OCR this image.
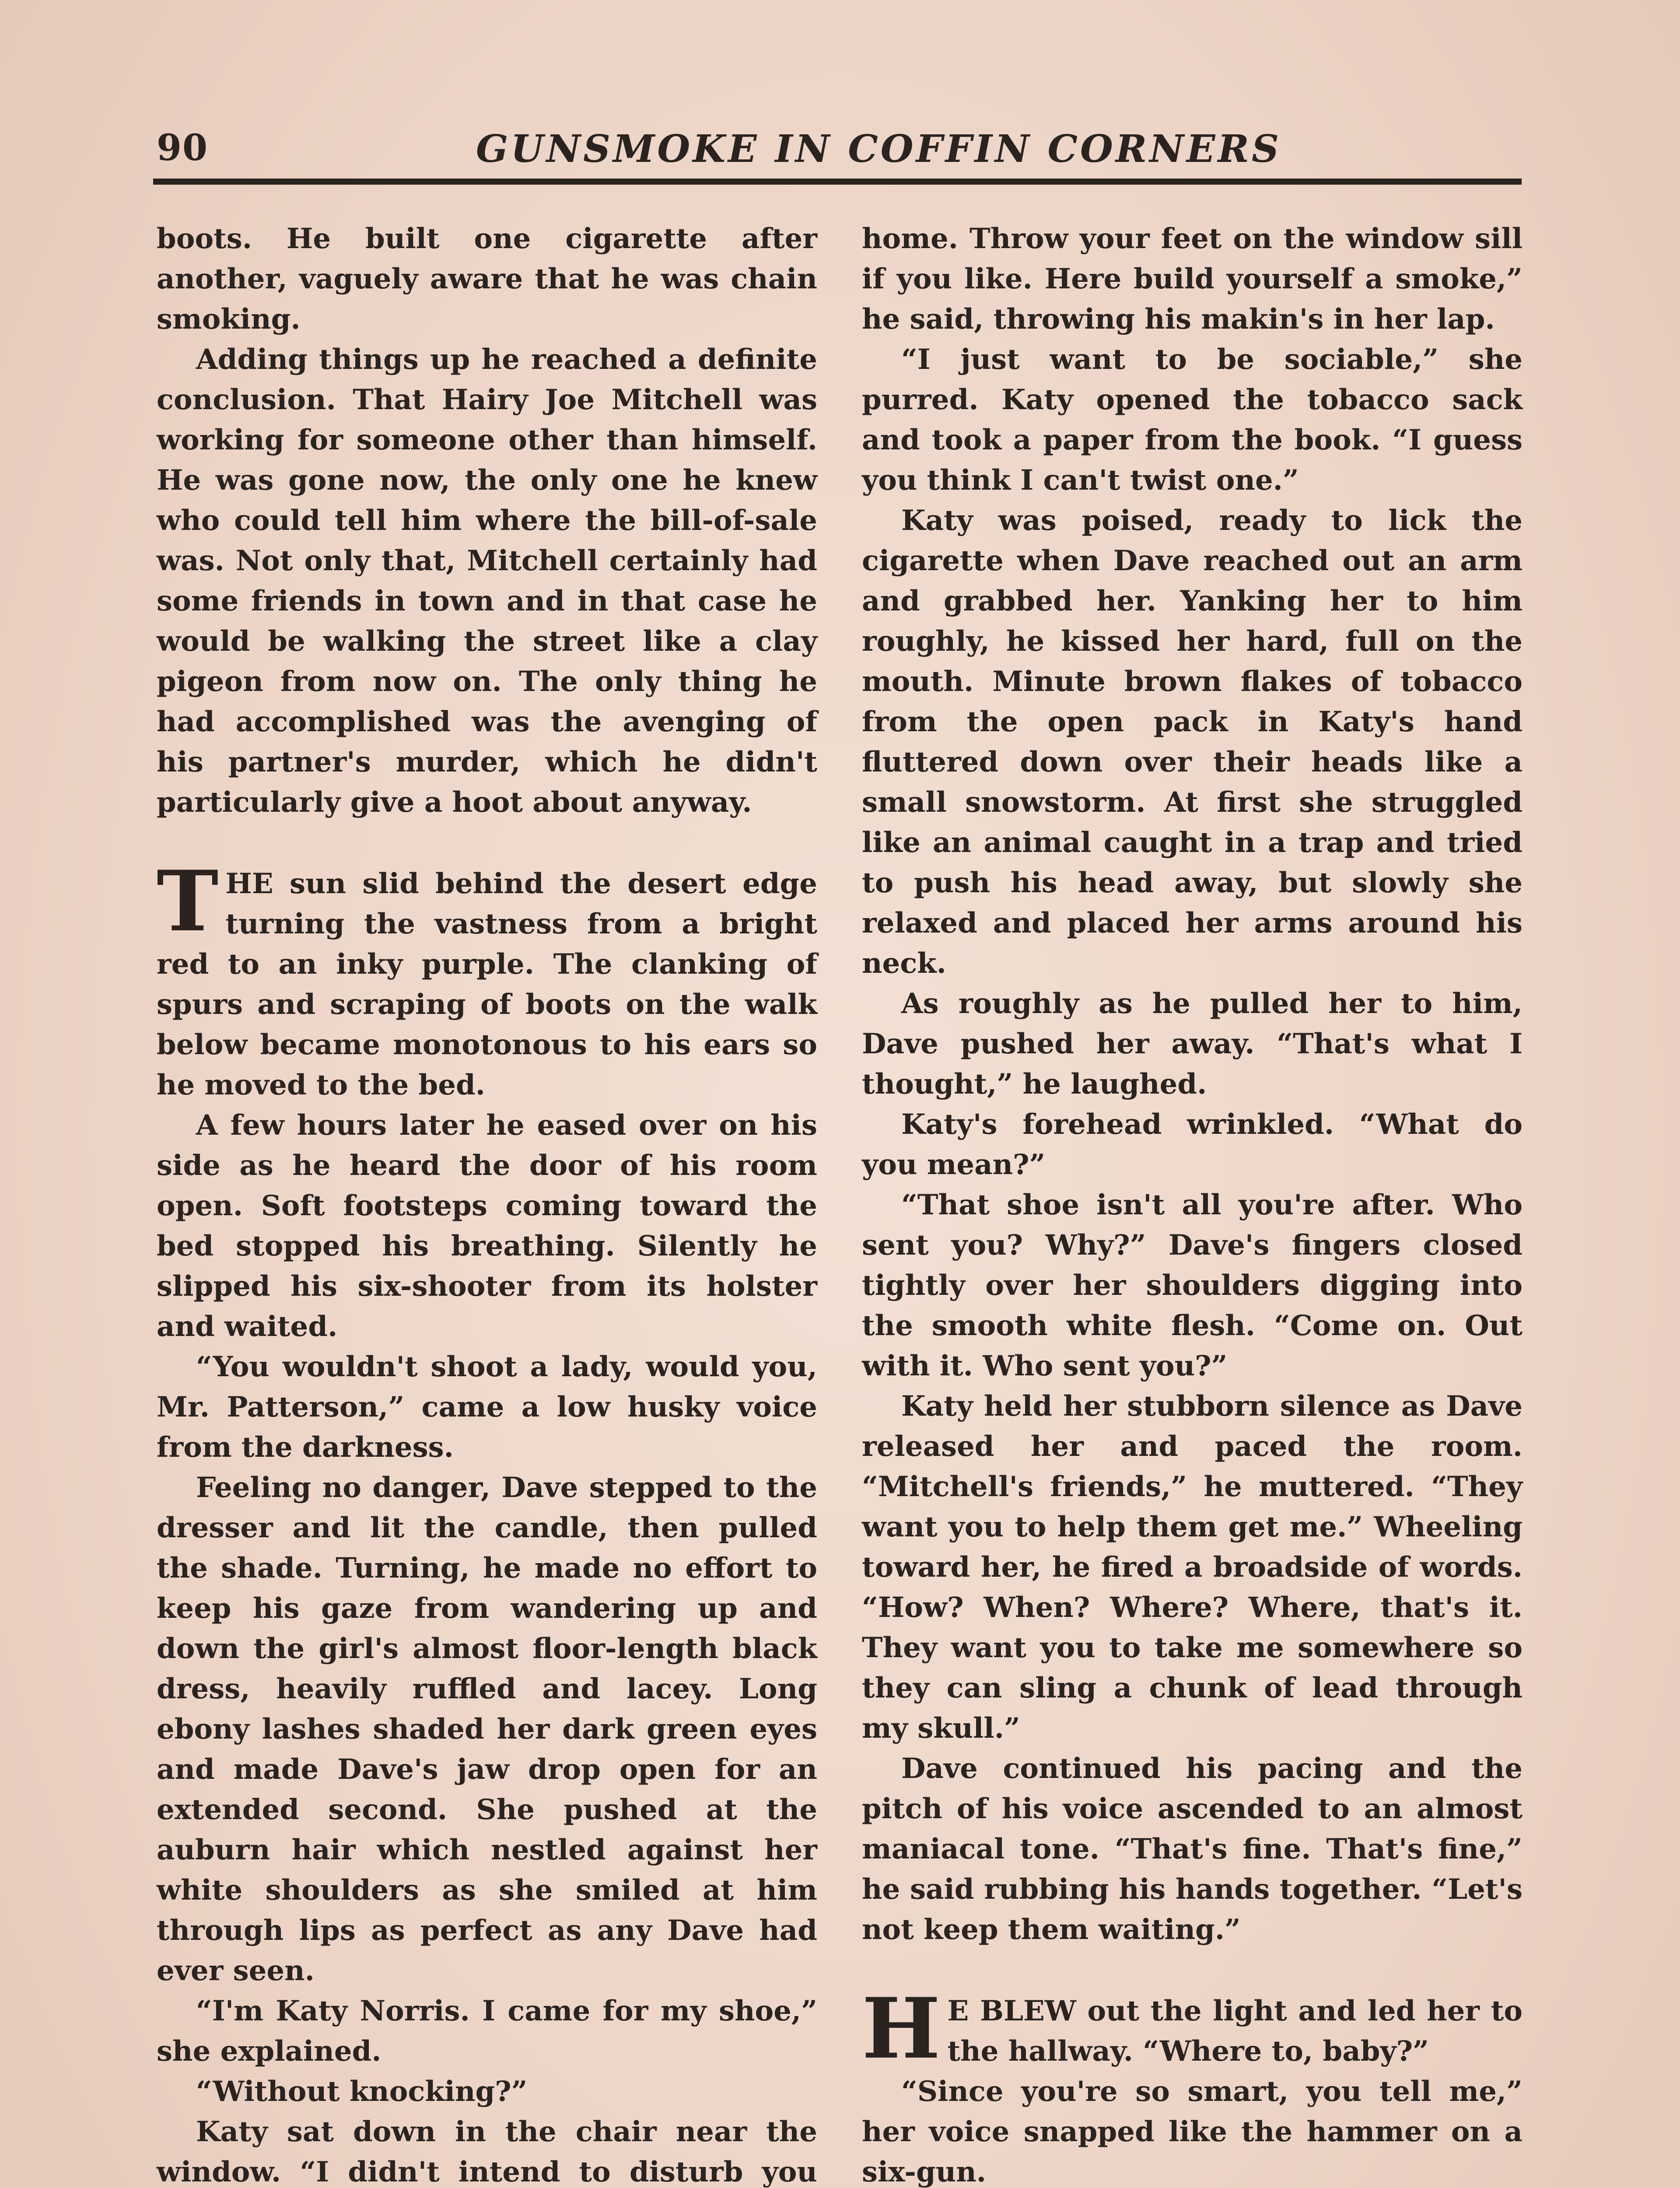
90	GUNSMOKE IN COFFIN CORNERS

boots. He built one cigarette after another, vaguely aware that he was chain smoking.

Adding things up he reached a definite conclusion. That Hairy Joe Mitchell was working for someone other than himself. He was gone now, the only one he knew who could tell him where the bill-of-sale was. Not only that, Mitchell certainly had some friends in town and in that case he would be walking the street like a clay pigeon from now on. The only thing he had accomplished was the avenging of his partner's murder, which he didn't particularly give a hoot about anyway.

THE sun slid behind the desert edge turning the vastness from a bright red to an inky purple. The clanking of spurs and scraping of boots on the walk below became monotonous to his ears so he moved to the bed.

A few hours later he eased over on his side as he heard the door of his room open. Soft footsteps coming toward the bed stopped his breathing. Silently he slipped his six-shooter from its holster and waited.

“You wouldn't shoot a lady, would you, Mr. Patterson,” came a low husky voice from the darkness.

Feeling no danger, Dave stepped to the dresser and lit the candle, then pulled the shade. Turning, he made no effort to keep his gaze from wandering up and down the girl's almost floor-length black dress, heavily ruffled and lacey. Long ebony lashes shaded her dark green eyes and made Dave's jaw drop open for an extended second. She pushed at the auburn hair which nestled against her white shoulders as she smiled at him through lips as perfect as any Dave had ever seen.

“I'm Katy Norris. I came for my shoe,” she explained.

“Without knocking?”

Katy sat down in the chair near the window. “I didn't intend to disturb you

home. Throw your feet on the window sill if you like. Here build yourself a smoke,” he said, throwing his makin's in her lap.

“I just want to be sociable,” she purred. Katy opened the tobacco sack and took a paper from the book. “I guess you think I can't twist one.”

Katy was poised, ready to lick the cigarette when Dave reached out an arm and grabbed her. Yanking her to him roughly, he kissed her hard, full on the mouth. Minute brown flakes of tobacco from the open pack in Katy's hand fluttered down over their heads like a small snowstorm. At first she struggled like an animal caught in a trap and tried to push his head away, but slowly she relaxed and placed her arms around his neck.

As roughly as he pulled her to him, Dave pushed her away. “That's what I thought,” he laughed.

Katy's forehead wrinkled. “What do you mean?”

“That shoe isn't all you're after. Who sent you? Why?” Dave's fingers closed tightly over her shoulders digging into the smooth white flesh. “Come on. Out with it. Who sent you?”

Katy held her stubborn silence as Dave released her and paced the room. “Mitchell's friends,” he muttered. “They want you to help them get me.” Wheeling toward her, he fired a broadside of words. “How? When? Where? Where, that's it. They want you to take me somewhere so they can sling a chunk of lead through my skull.”

Dave continued his pacing and the pitch of his voice ascended to an almost maniacal tone. “That's fine. That's fine,” he said rubbing his hands together. “Let's not keep them waiting.”

H E BLEW out the light and led her to the hallway. “Where to, baby?”

“Since you're so smart, you tell me,” her voice snapped like the hammer on a six-gun.
